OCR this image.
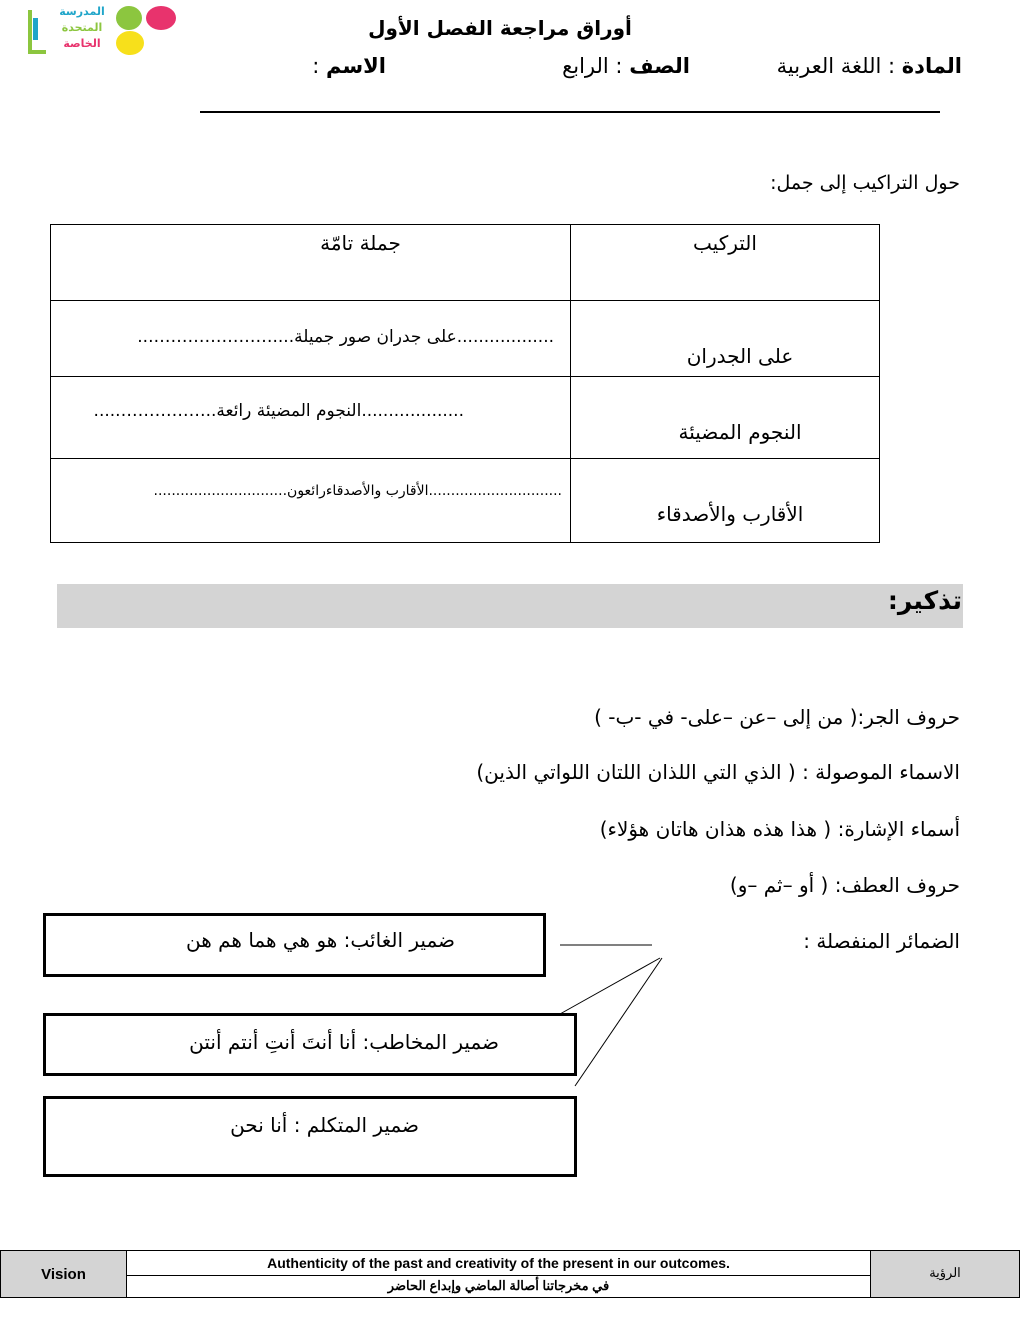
المدرسة
المتحدة
الخاصة
أوراق مراجعة الفصل الأول
المادة : اللغة العربية
الصف : الرابع
الاسم :
حول التراكيب إلى جمل:
التركيب	جملة تامّة

على الجدران	..................على جدران صور جميلة....…………………...

النجوم المضيئة	...................النجوم المضيئة رائعة..…………….....

الأقارب والأصدقاء	..............................الأقارب والأصدقاءرائعون..............................
تذكير:
حروف الجر:( من إلى –عن –على- في -ب- )
الاسماء الموصولة : ( الذي التي اللذان اللتان اللواتي الذين)
أسماء الإشارة: ( هذا هذه هذان هاتان هؤلاء)
حروف العطف: ( أو –ثم –و)
الضمائر المنفصلة :
ضمير الغائب: هو هي هما هم هن
ضمير المخاطب: أنا أنتَ أنتِ أنتم أنتن
ضمير المتكلم : أنا نحن
Vision	Authenticity of the past and creativity of the present in our outcomes.	الرؤية
في مخرجاتنا أصالة الماضي وإبداع الحاضر
